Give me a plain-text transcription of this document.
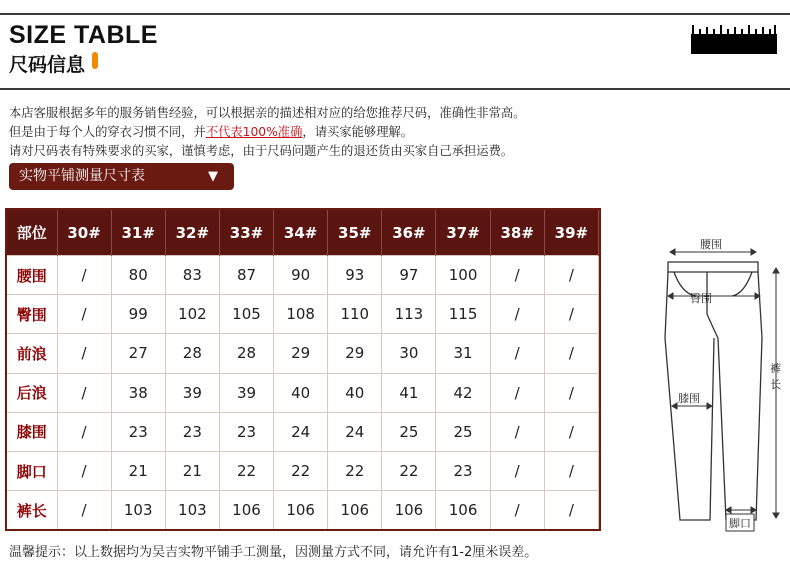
SIZE TABLE
尺码信息
本店客服根据多年的服务销售经验，可以根据亲的描述相对应的给您推荐尺码，准确性非常高。
但是由于每个人的穿衣习惯不同，并不代表100%准确，请买家能够理解。
请对尺码表有特殊要求的买家，谨慎考虑，由于尺码问题产生的退还货由买家自己承担运费。
实物平铺测量尺寸表	▼
部位	30#	31#	32#	33#	34#	35#	36#	37#	38#	39#
腰围	/	80	83	87	90	93	97	100	/	/
臀围	/	99	102	105	108	110	113	115	/	/
前浪	/	27	28	28	29	29	30	31	/	/
后浪	/	38	39	39	40	40	41	42	/	/
膝围	/	23	23	23	24	24	25	25	/	/
脚口	/	21	21	22	22	22	22	23	/	/
裤长	/	103	103	106	106	106	106	106	/	/
腰围
臀围
膝围
裤
长
脚口
温馨提示：以上数据均为吴吉实物平铺手工测量，因测量方式不同，请允许有1-2厘米误差。
